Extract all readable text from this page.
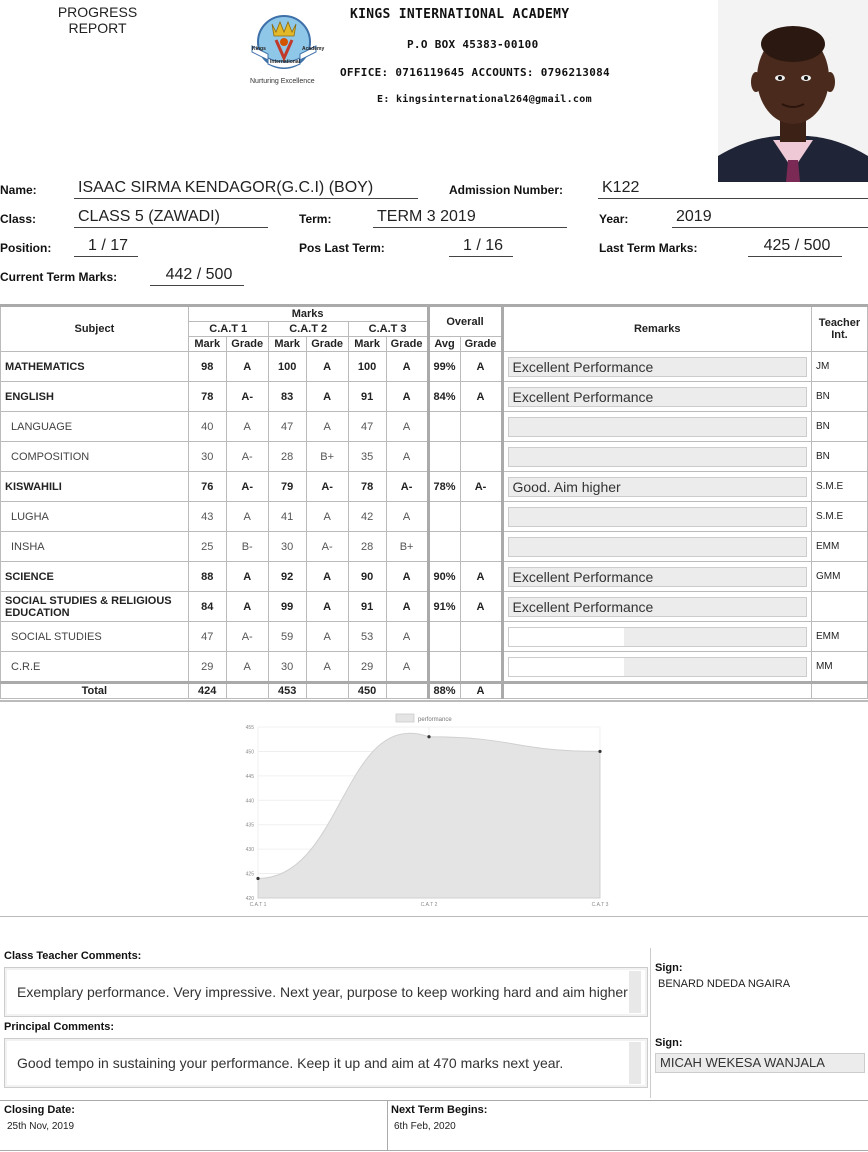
PROGRESS REPORT
Kings	Academy
International
Nurturing Excellence
KINGS INTERNATIONAL ACADEMY
P.O BOX 45383-00100
OFFICE: 0716119645 ACCOUNTS: 0796213084
E: kingsinternational264@gmail.com
Name:	ISAAC SIRMA KENDAGOR(G.C.I) (BOY)	Admission Number: K122
Class:	CLASS 5 (ZAWADI)	Term:	TERM 3 2019	Year:	2019
Position:	1 / 17	Pos Last Term:	1 / 16	Last Term Marks:	425 / 500
Current Term Marks:	442 / 500
Subject	Marks						Overall		Remarks	Teacher Int.
	C.A.T 1		C.A.T 2		C.A.T 3					
	Mark	Grade	Mark	Grade	Mark	Grade	Avg	Grade		
MATHEMATICS	98	A	100	A	100	A	99%	A	Excellent Performance	JM
ENGLISH	78	A-	83	A	91	A	84%	A	Excellent Performance	BN
LANGUAGE	40	A	47	A	47	A				BN
COMPOSITION	30	A-	28	B+	35	A				BN
KISWAHILI	76	A-	79	A-	78	A-	78%	A-	Good. Aim higher	S.M.E
LUGHA	43	A	41	A	42	A				S.M.E
INSHA	25	B-	30	A-	28	B+				EMM
SCIENCE	88	A	92	A	90	A	90%	A	Excellent Performance	GMM
SOCIAL STUDIES & RELIGIOUS EDUCATION	84	A	99	A	91	A	91%	A	Excellent Performance	

SOCIAL STUDIES	47	A-	59	A	53	A				EMM
C.R.E	29	A	30	A	29	A				MM
Total	424		453		450		88%	A		
performance
420
425
430
435
440
445
450
455
C.A.T 1	C.A.T 2	C.A.T 3
Class Teacher Comments:
Exemplary performance. Very impressive. Next year, purpose to keep working hard and aim higher
Sign:
BENARD NDEDA NGAIRA
Principal Comments:
Good tempo in sustaining your performance. Keep it up and aim at 470 marks next year.
Sign:
MICAH WEKESA WANJALA
Closing Date:
25th Nov, 2019
Next Term Begins:
6th Feb, 2020
